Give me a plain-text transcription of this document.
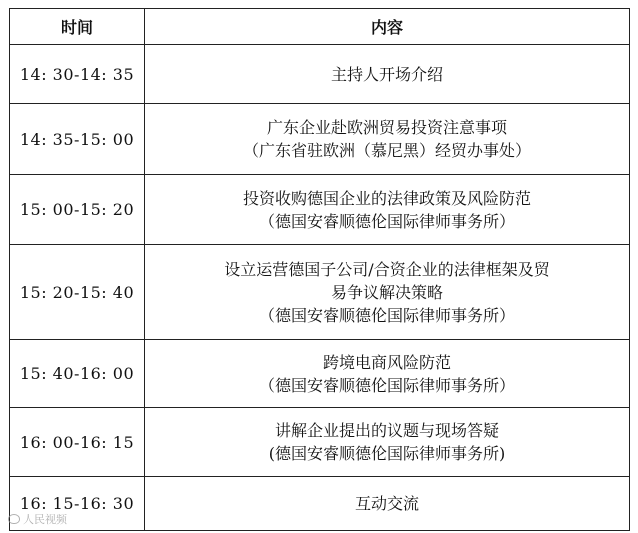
时间	内容
14: 30-14: 35	主持人开场介绍

14: 35-15: 00	广东企业赴欧洲贸易投资注意事项
（广东省驻欧洲（慕尼黑）经贸办事处）

15: 00-15: 20	投资收购德国企业的法律政策及风险防范
（德国安睿顺德伦国际律师事务所）

15: 20-15: 40	设立运营德国子公司/合资企业的法律框架及贸
易争议解决策略
（德国安睿顺德伦国际律师事务所）

15: 40-16: 00	跨境电商风险防范
（德国安睿顺德伦国际律师事务所）

16: 00-16: 15	讲解企业提出的议题与现场答疑
(德国安睿顺德伦国际律师事务所)

16: 15-16: 30	互动交流
人民视频
